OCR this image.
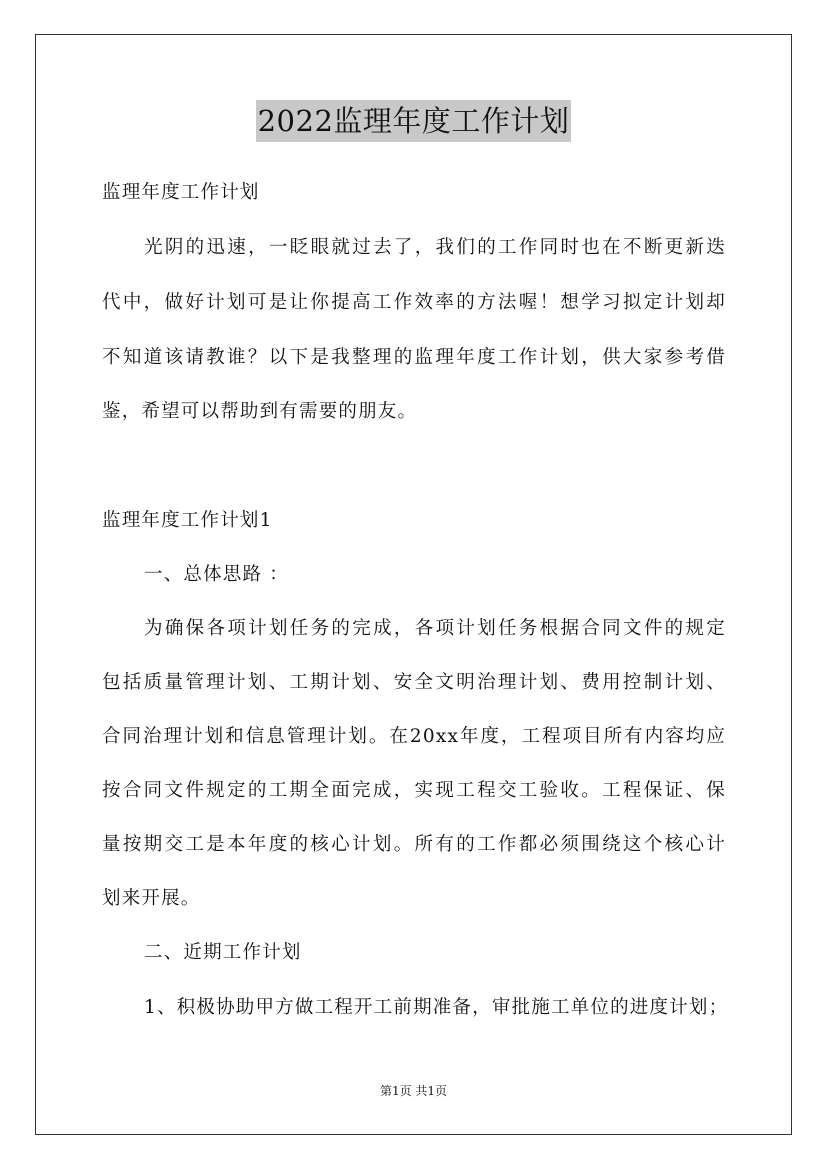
2022监理年度工作计划
监理年度工作计划
光阴的迅速，一眨眼就过去了，我们的工作同时也在不断更新迭
代中，做好计划可是让你提高工作效率的方法喔！想学习拟定计划却
不知道该请教谁？以下是我整理的监理年度工作计划，供大家参考借
鉴，希望可以帮助到有需要的朋友。
监理年度工作计划1
一、总体思路 ：
为确保各项计划任务的完成，各项计划任务根据合同文件的规定
包括质量管理计划、工期计划、安全文明治理计划、费用控制计划、
合同治理计划和信息管理计划。在20xx年度，工程项目所有内容均应
按合同文件规定的工期全面完成，实现工程交工验收。工程保证、保
量按期交工是本年度的核心计划。所有的工作都必须围绕这个核心计
划来开展。
二、近期工作计划
1、积极协助甲方做工程开工前期准备，审批施工单位的进度计划；
第1页 共1页
